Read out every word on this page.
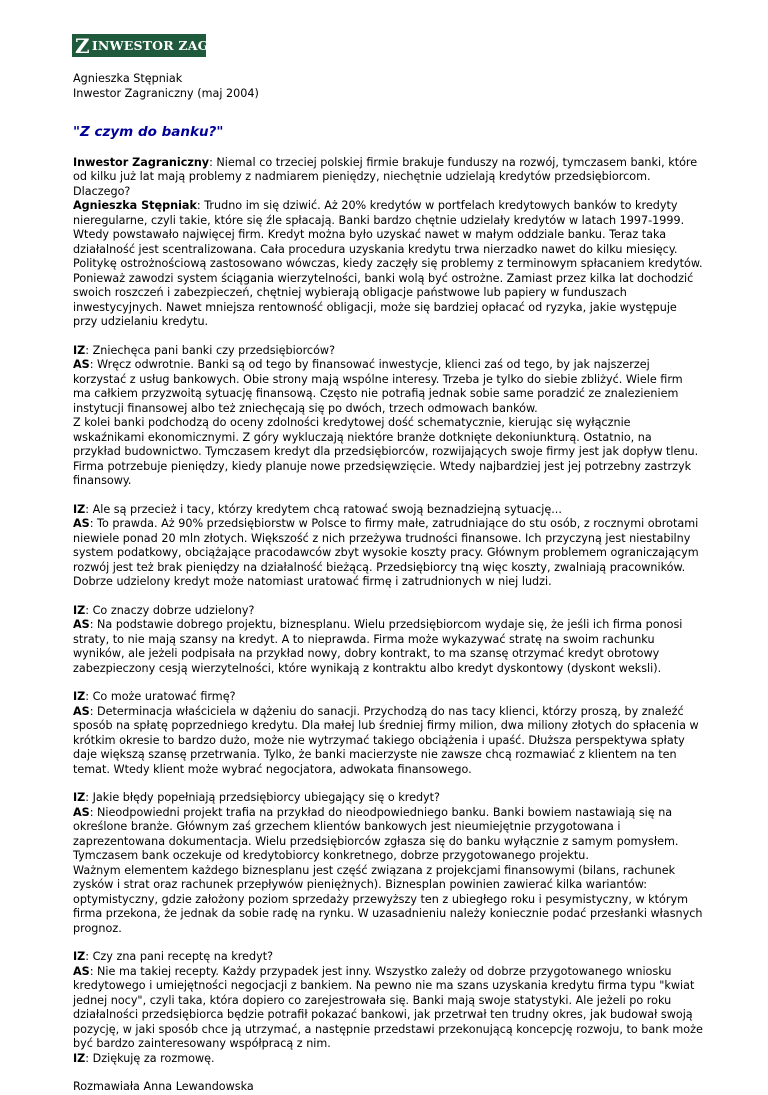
Z INWESTOR ZAGRANICZNY
Agnieszka Stępniak
Inwestor Zagraniczny (maj 2004)
"Z czym do banku?"

Inwestor Zagraniczny: Niemal co trzeciej polskiej firmie brakuje funduszy na rozwój, tymczasem banki, które od kilku już lat mają problemy z nadmiarem pieniędzy, niechętnie udzielają kredytów przedsiębiorcom. Dlaczego?

Agnieszka Stępniak: Trudno im się dziwić. Aż 20% kredytów w portfelach kredytowych banków to kredyty nieregularne, czyli takie, które się źle spłacają. Banki bardzo chętnie udzielały kredytów w latach 1997-1999. Wtedy powstawało najwięcej firm. Kredyt można było uzyskać nawet w małym oddziale banku. Teraz taka działalność jest scentralizowana. Cała procedura uzyskania kredytu trwa nierzadko nawet do kilku miesięcy. Politykę ostrożnościową zastosowano wówczas, kiedy zaczęły się problemy z terminowym spłacaniem kredytów. Ponieważ zawodzi system ściągania wierzytelności, banki wolą być ostrożne. Zamiast przez kilka lat dochodzić swoich roszczeń i zabezpieczeń, chętniej wybierają obligacje państwowe lub papiery w funduszach inwestycyjnych. Nawet mniejsza rentowność obligacji, może się bardziej opłacać od ryzyka, jakie występuje przy udzielaniu kredytu.

IZ: Zniechęca pani banki czy przedsiębiorców?

AS: Wręcz odwrotnie. Banki są od tego by finansować inwestycje, klienci zaś od tego, by jak najszerzej korzystać z usług bankowych. Obie strony mają wspólne interesy. Trzeba je tylko do siebie zbliżyć. Wiele firm ma całkiem przyzwoitą sytuację finansową. Często nie potrafią jednak sobie same poradzić ze znalezieniem instytucji finansowej albo też zniechęcają się po dwóch, trzech odmowach banków.
Z kolei banki podchodzą do oceny zdolności kredytowej dość schematycznie, kierując się wyłącznie wskaźnikami ekonomicznymi. Z góry wykluczają niektóre branże dotknięte dekoniunkturą. Ostatnio, na przykład budownictwo. Tymczasem kredyt dla przedsiębiorców, rozwijających swoje firmy jest jak dopływ tlenu. Firma potrzebuje pieniędzy, kiedy planuje nowe przedsięwzięcie. Wtedy najbardziej jest jej potrzebny zastrzyk finansowy.

IZ: Ale są przecież i tacy, którzy kredytem chcą ratować swoją beznadziejną sytuację...

AS: To prawda. Aż 90% przedsiębiorstw w Polsce to firmy małe, zatrudniające do stu osób, z rocznymi obrotami niewiele ponad 20 mln złotych. Większość z nich przeżywa trudności finansowe. Ich przyczyną jest niestabilny system podatkowy, obciążające pracodawców zbyt wysokie koszty pracy. Głównym problemem ograniczającym rozwój jest też brak pieniędzy na działalność bieżącą. Przedsiębiorcy tną więc koszty, zwalniają pracowników. Dobrze udzielony kredyt może natomiast uratować firmę i zatrudnionych w niej ludzi.

IZ: Co znaczy dobrze udzielony?

AS: Na podstawie dobrego projektu, biznesplanu. Wielu przedsiębiorcom wydaje się, że jeśli ich firma ponosi straty, to nie mają szansy na kredyt. A to nieprawda. Firma może wykazywać stratę na swoim rachunku wyników, ale jeżeli podpisała na przykład nowy, dobry kontrakt, to ma szansę otrzymać kredyt obrotowy zabezpieczony cesją wierzytelności, które wynikają z kontraktu albo kredyt dyskontowy (dyskont weksli).

IZ: Co może uratować firmę?

AS: Determinacja właściciela w dążeniu do sanacji. Przychodzą do nas tacy klienci, którzy proszą, by znaleźć sposób na spłatę poprzedniego kredytu. Dla małej lub średniej firmy milion, dwa miliony złotych do spłacenia w krótkim okresie to bardzo dużo, może nie wytrzymać takiego obciążenia i upaść. Dłuższa perspektywa spłaty daje większą szansę przetrwania. Tylko, że banki macierzyste nie zawsze chcą rozmawiać z klientem na ten temat. Wtedy klient może wybrać negocjatora, adwokata finansowego.

IZ: Jakie błędy popełniają przedsiębiorcy ubiegający się o kredyt?

AS: Nieodpowiedni projekt trafia na przykład do nieodpowiedniego banku. Banki bowiem nastawiają się na określone branże. Głównym zaś grzechem klientów bankowych jest nieumiejętnie przygotowana i zaprezentowana dokumentacja. Wielu przedsiębiorców zgłasza się do banku wyłącznie z samym pomysłem. Tymczasem bank oczekuje od kredytobiorcy konkretnego, dobrze przygotowanego projektu.
Ważnym elementem każdego biznesplanu jest część związana z projekcjami finansowymi (bilans, rachunek zysków i strat oraz rachunek przepływów pieniężnych). Biznesplan powinien zawierać kilka wariantów: optymistyczny, gdzie założony poziom sprzedaży przewyższy ten z ubiegłego roku i pesymistyczny, w którym firma przekona, że jednak da sobie radę na rynku. W uzasadnieniu należy koniecznie podać przesłanki własnych prognoz.

IZ: Czy zna pani receptę na kredyt?

AS: Nie ma takiej recepty. Każdy przypadek jest inny. Wszystko zależy od dobrze przygotowanego wniosku kredytowego i umiejętności negocjacji z bankiem. Na pewno nie ma szans uzyskania kredytu firma typu "kwiat jednej nocy", czyli taka, która dopiero co zarejestrowała się. Banki mają swoje statystyki. Ale jeżeli po roku działalności przedsiębiorca będzie potrafił pokazać bankowi, jak przetrwał ten trudny okres, jak budował swoją pozycję, w jaki sposób chce ją utrzymać, a następnie przedstawi przekonującą koncepcję rozwoju, to bank może być bardzo zainteresowany współpracą z nim.

IZ: Dziękuję za rozmowę.

Rozmawiała Anna Lewandowska
